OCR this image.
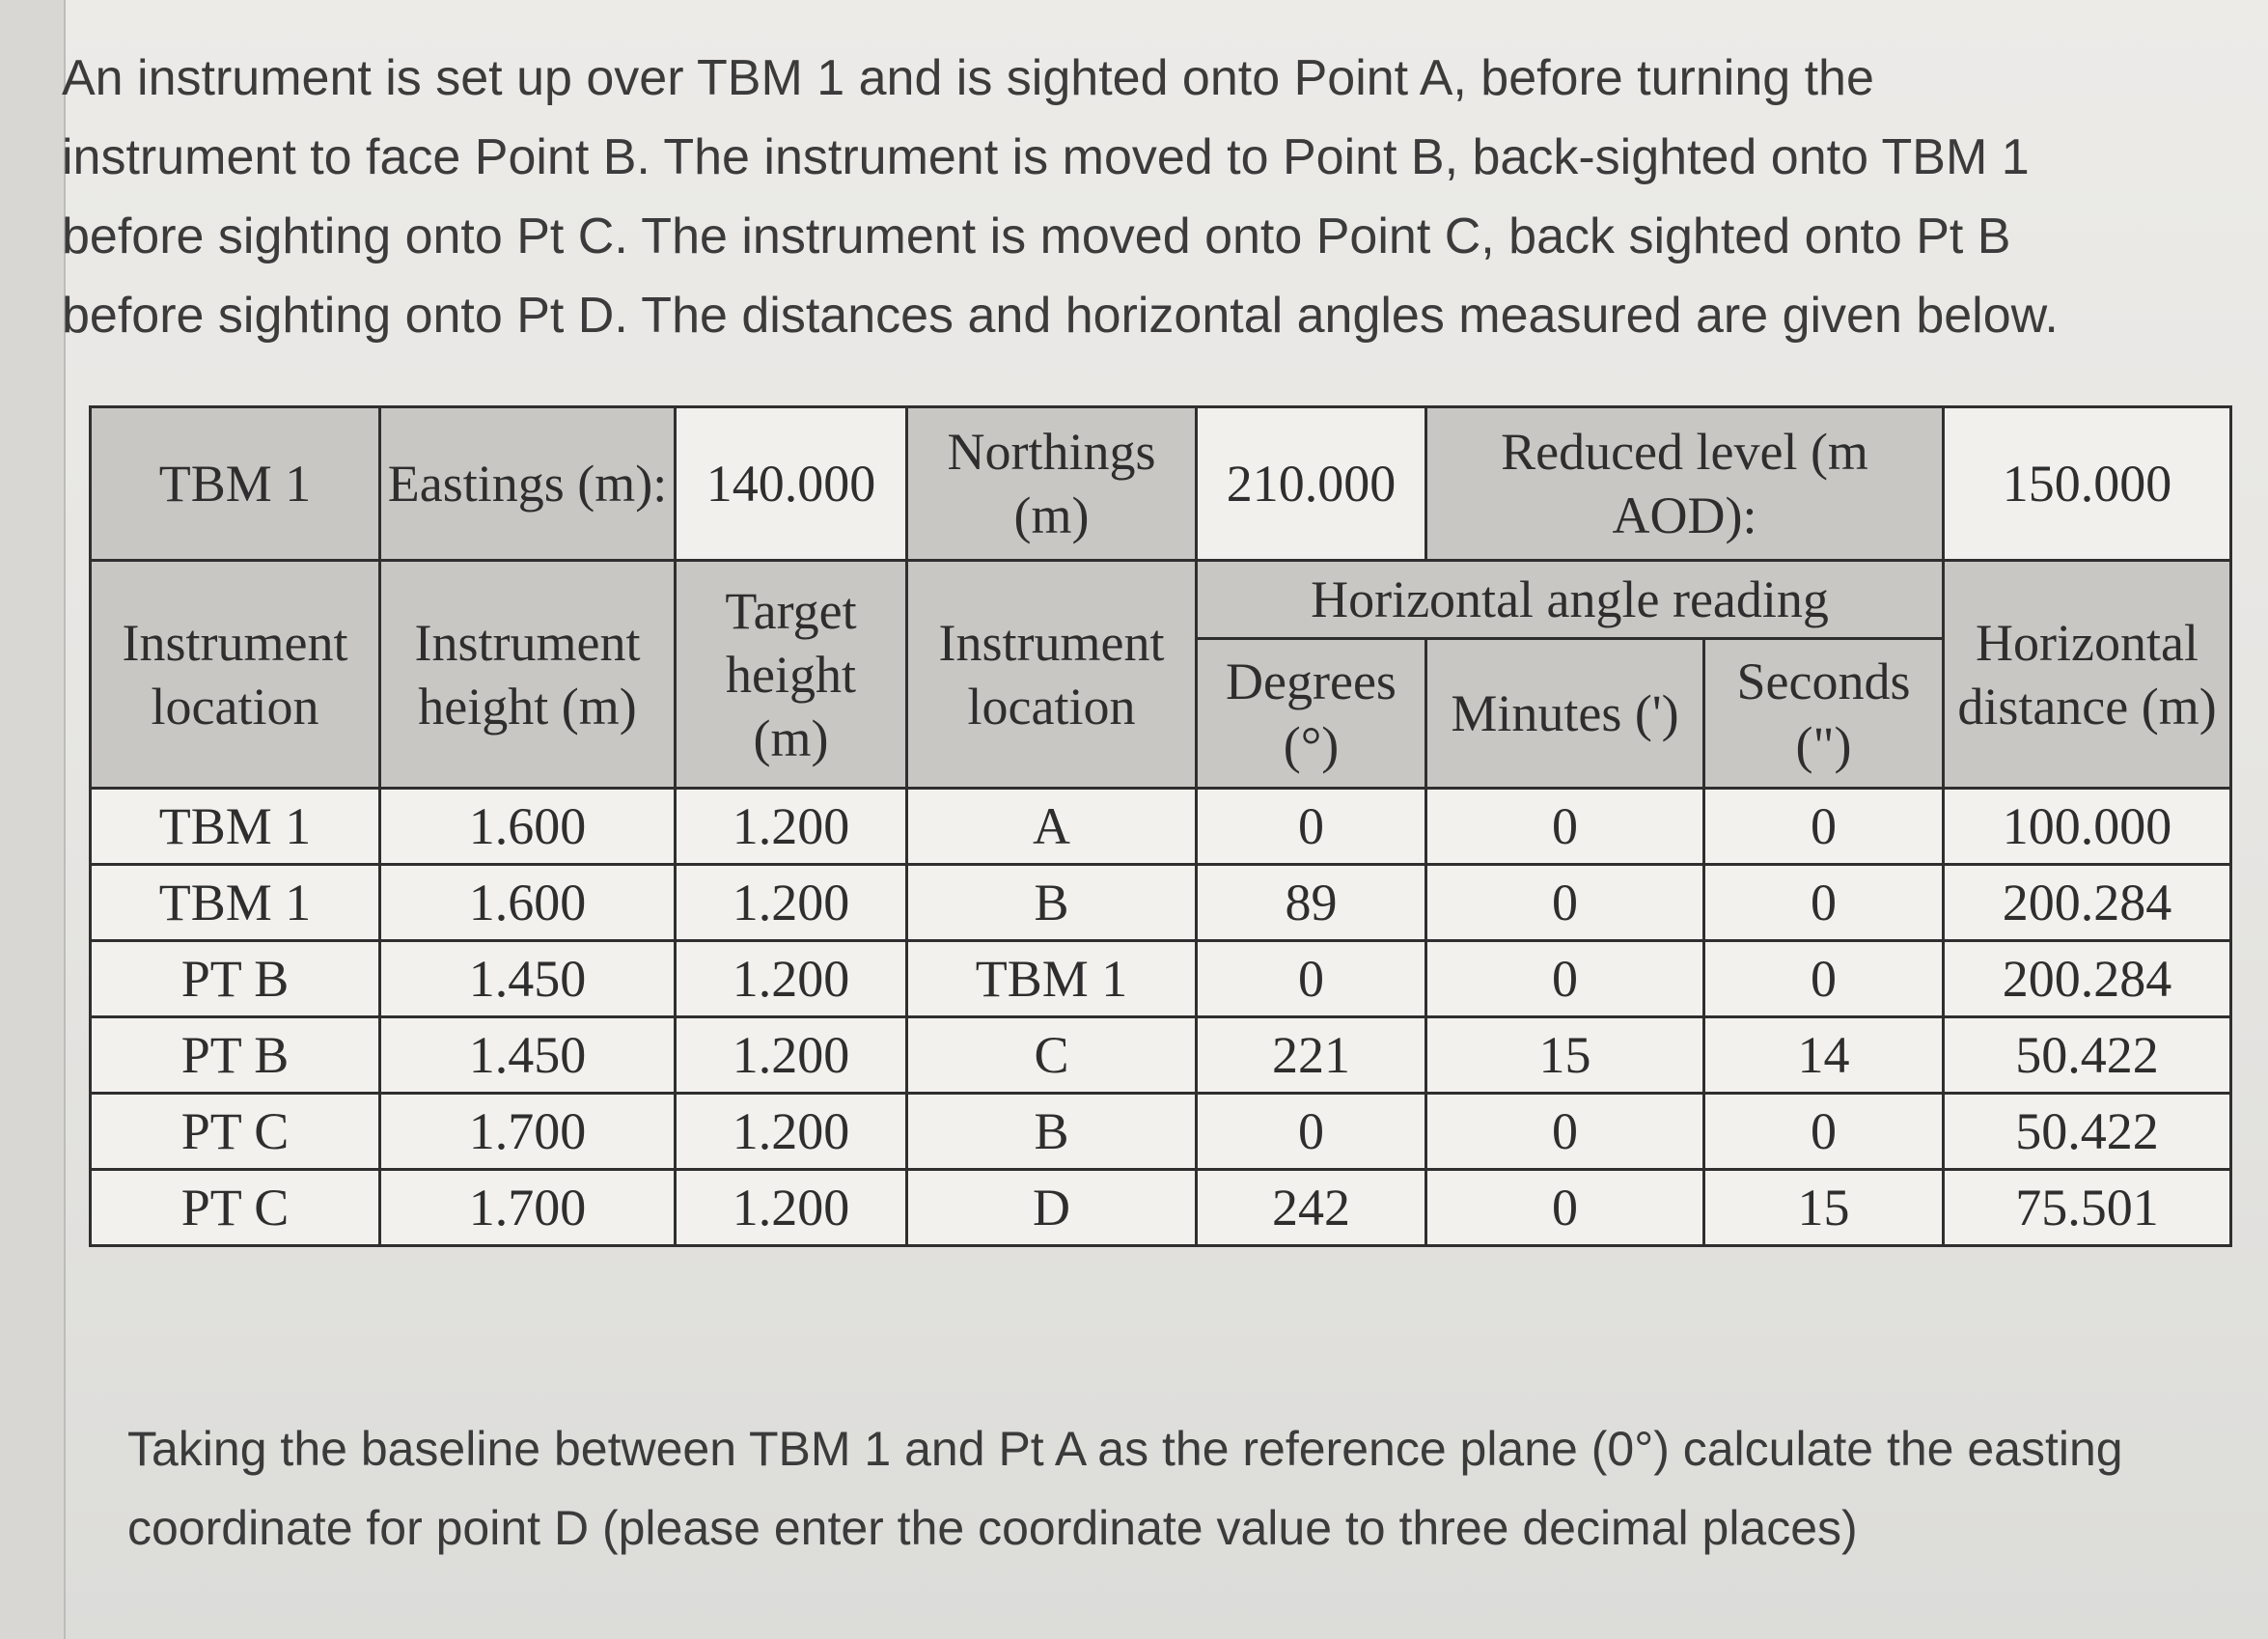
An instrument is set up over TBM 1 and is sighted onto Point A, before turning the

instrument to face Point B. The instrument is moved to Point B, back-sighted onto TBM 1

before sighting onto Pt C. The instrument is moved onto Point C, back sighted onto Pt B

before sighting onto Pt D. The distances and horizontal angles measured are given below.

TBM 1	Eastings (m):	140.000	Northings (m)	210.000	Reduced level (m AOD):		150.000
Instrument location	Instrument height (m)	Target height (m)	Instrument location	Horizontal angle reading			Horizontal distance (m)
				Degrees (°)	Minutes (')	Seconds (")	
TBM 1	1.600	1.200	A	0	0	0	100.000
TBM 1	1.600	1.200	B	89	0	0	200.284
PT B	1.450	1.200	TBM 1	0	0	0	200.284
PT B	1.450	1.200	C	221	15	14	50.422
PT C	1.700	1.200	B	0	0	0	50.422
PT C	1.700	1.200	D	242	0	15	75.501

Taking the baseline between TBM 1 and Pt A as the reference plane (0°) calculate the easting

coordinate for point D (please enter the coordinate value to three decimal places)
